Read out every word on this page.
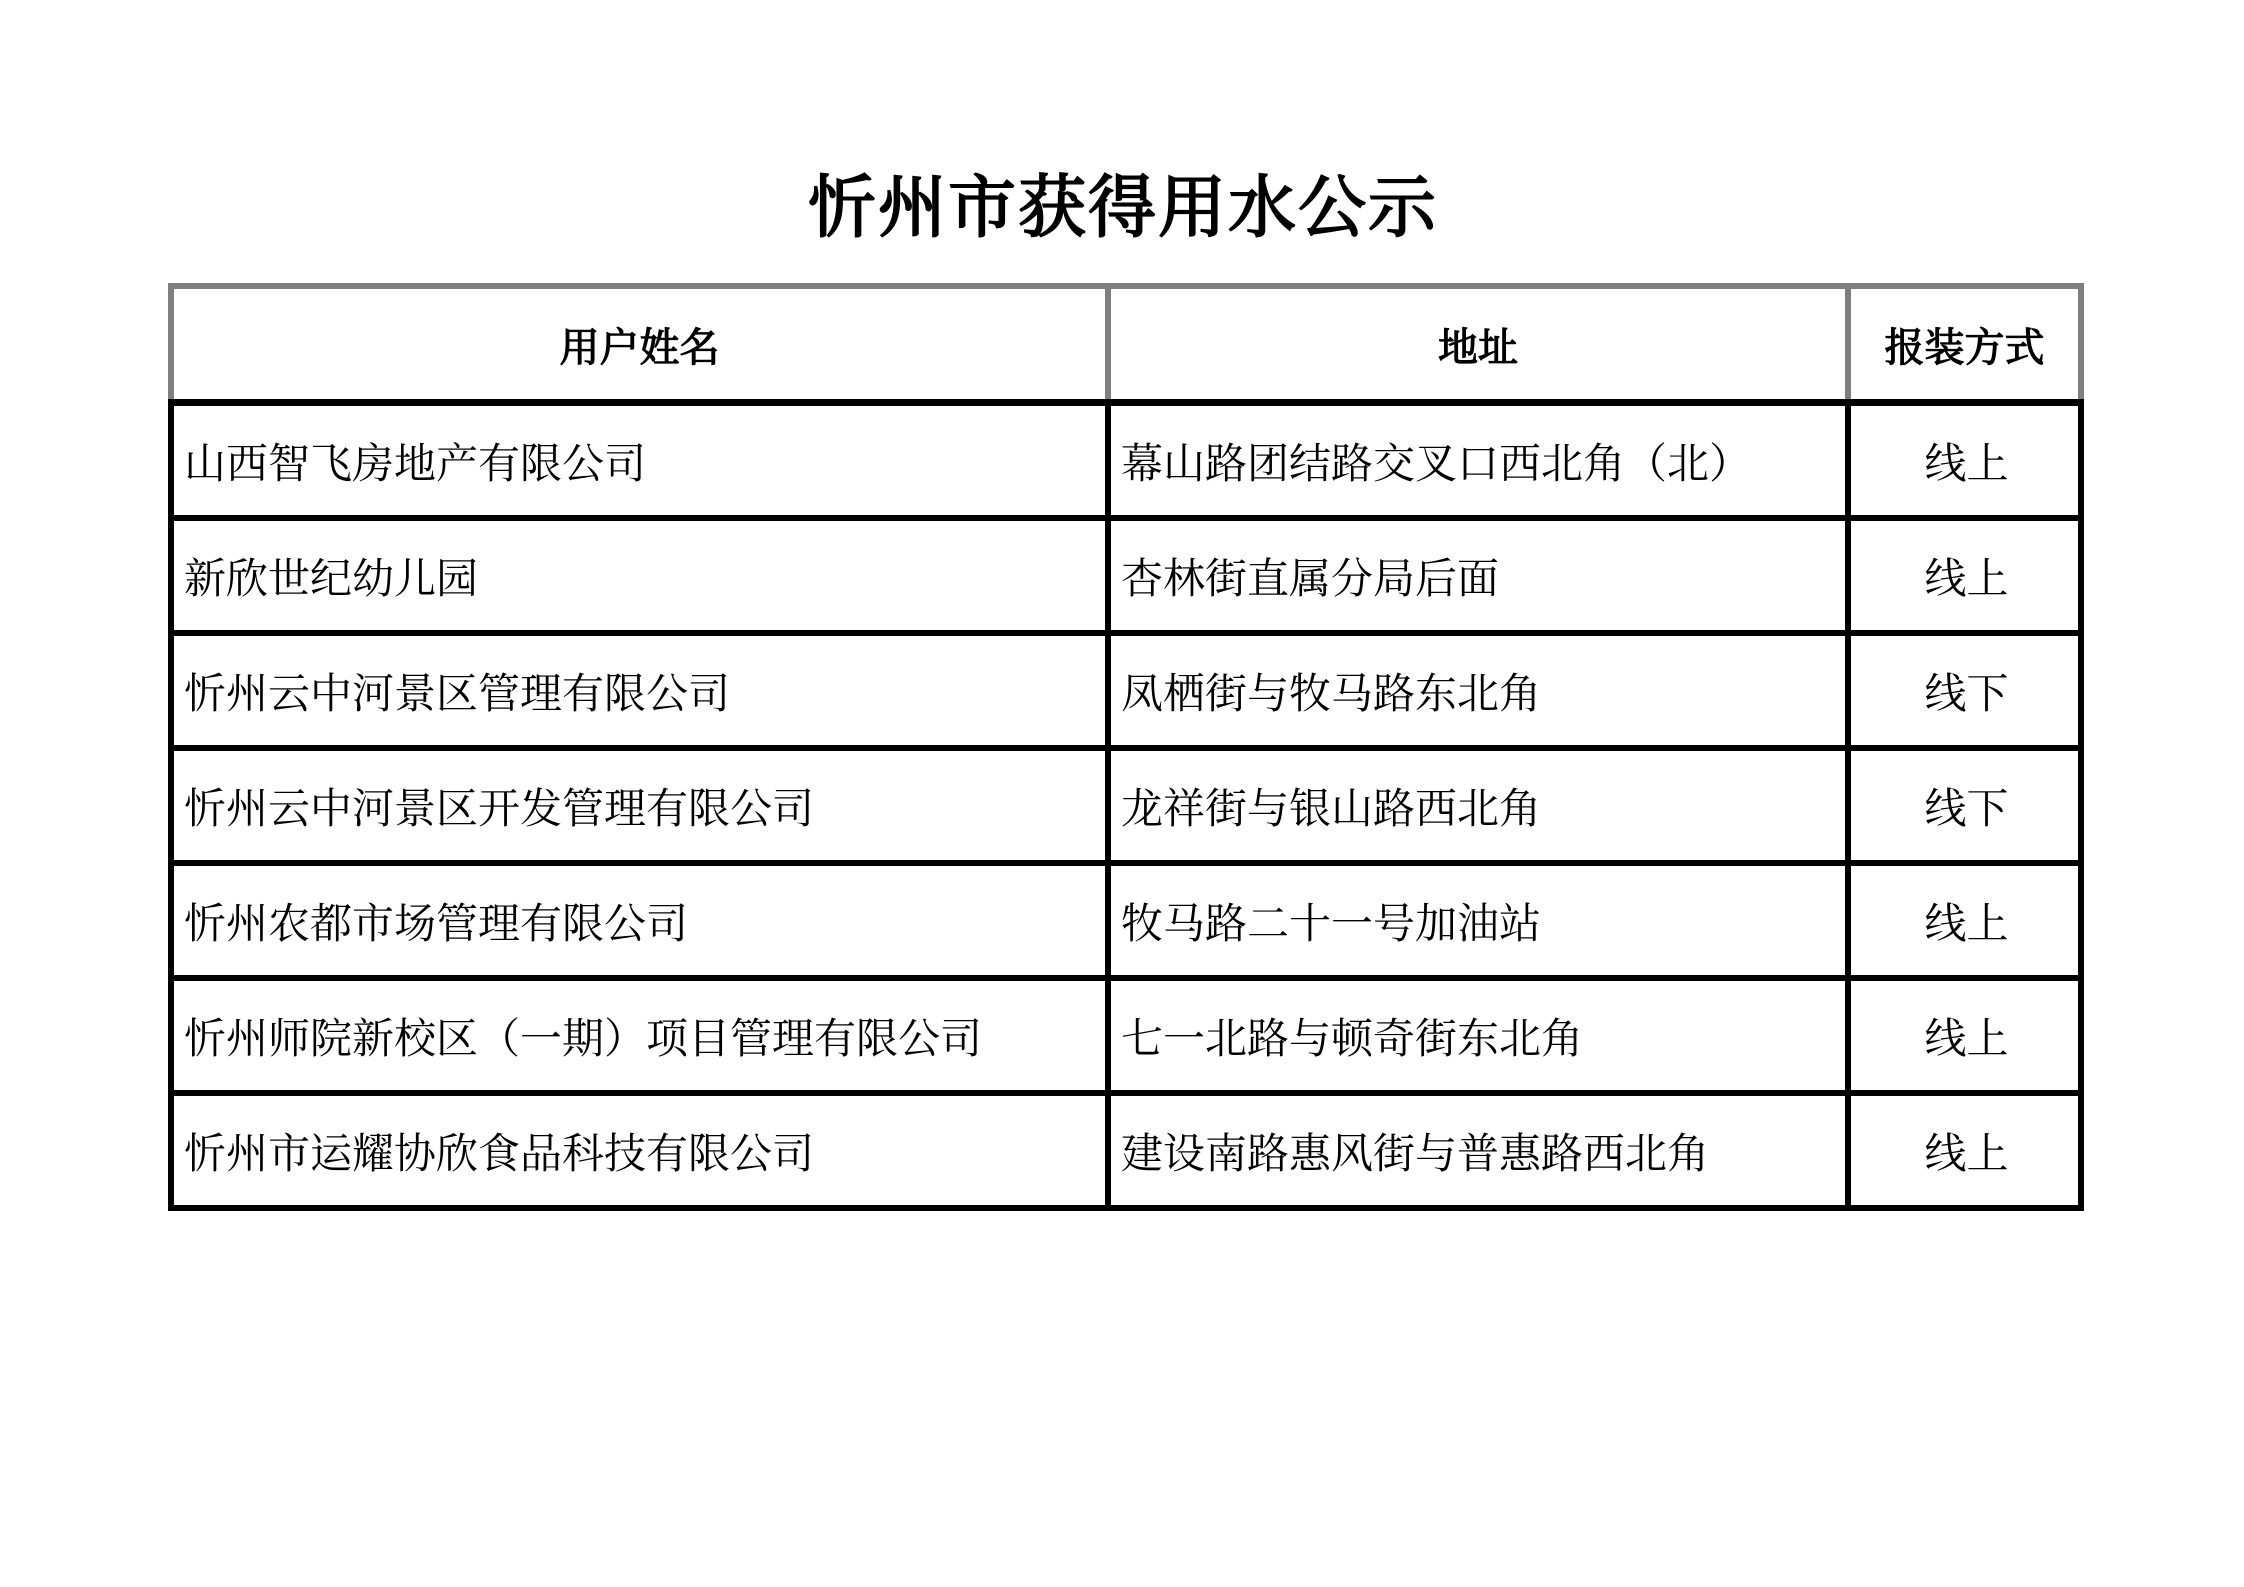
忻州市获得用水公示
用户姓名	地址	报装方式
山西智飞房地产有限公司	幕山路团结路交叉口西北角（北）	线上
新欣世纪幼儿园	杏林街直属分局后面	线上
忻州云中河景区管理有限公司	凤栖街与牧马路东北角	线下
忻州云中河景区开发管理有限公司	龙祥街与银山路西北角	线下
忻州农都市场管理有限公司	牧马路二十一号加油站	线上
忻州师院新校区（一期）项目管理有限公司	七一北路与顿奇街东北角	线上
忻州市运耀协欣食品科技有限公司	建设南路惠风街与普惠路西北角	线上
